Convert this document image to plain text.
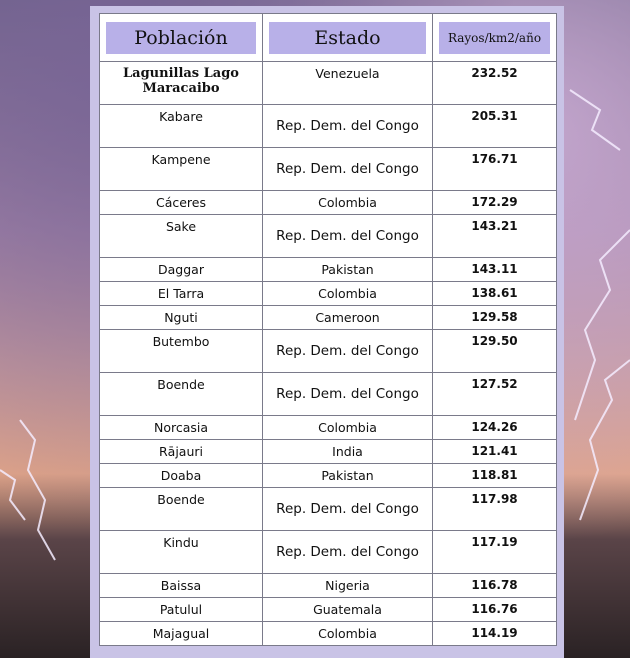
Población	Estado	Rayos/km2/año

Lagunillas Lago Maracaibo	Venezuela	232.52
Kabare	Rep. Dem. del Congo	205.31
Kampene	Rep. Dem. del Congo	176.71
Cáceres	Colombia	172.29
Sake	Rep. Dem. del Congo	143.21
Daggar	Pakistan	143.11
El Tarra	Colombia	138.61
Nguti	Cameroon	129.58
Butembo	Rep. Dem. del Congo	129.50
Boende	Rep. Dem. del Congo	127.52
Norcasia	Colombia	124.26
Rājauri	India	121.41
Doaba	Pakistan	118.81
Boende	Rep. Dem. del Congo	117.98
Kindu	Rep. Dem. del Congo	117.19
Baissa	Nigeria	116.78
Patulul	Guatemala	116.76
Majagual	Colombia	114.19
